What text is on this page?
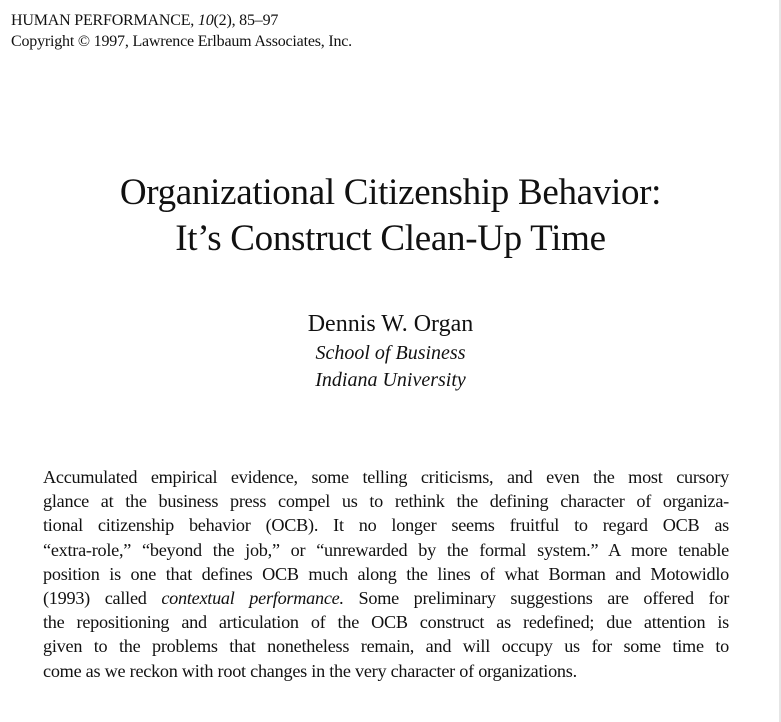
HUMAN PERFORMANCE, 10(2), 85–97
Copyright © 1997, Lawrence Erlbaum Associates, Inc.
Organizational Citizenship Behavior:
It’s Construct Clean-Up Time
Dennis W. Organ
School of Business
Indiana University
Accumulated empirical evidence, some telling criticisms, and even the most cursory
glance at the business press compel us to rethink the defining character of organiza-
tional citizenship behavior (OCB). It no longer seems fruitful to regard OCB as
“extra-role,” “beyond the job,” or “unrewarded by the formal system.” A more tenable
position is one that defines OCB much along the lines of what Borman and Motowidlo
(1993) called contextual performance. Some preliminary suggestions are offered for
the repositioning and articulation of the OCB construct as redefined; due attention is
given to the problems that nonetheless remain, and will occupy us for some time to
come as we reckon with root changes in the very character of organizations.
